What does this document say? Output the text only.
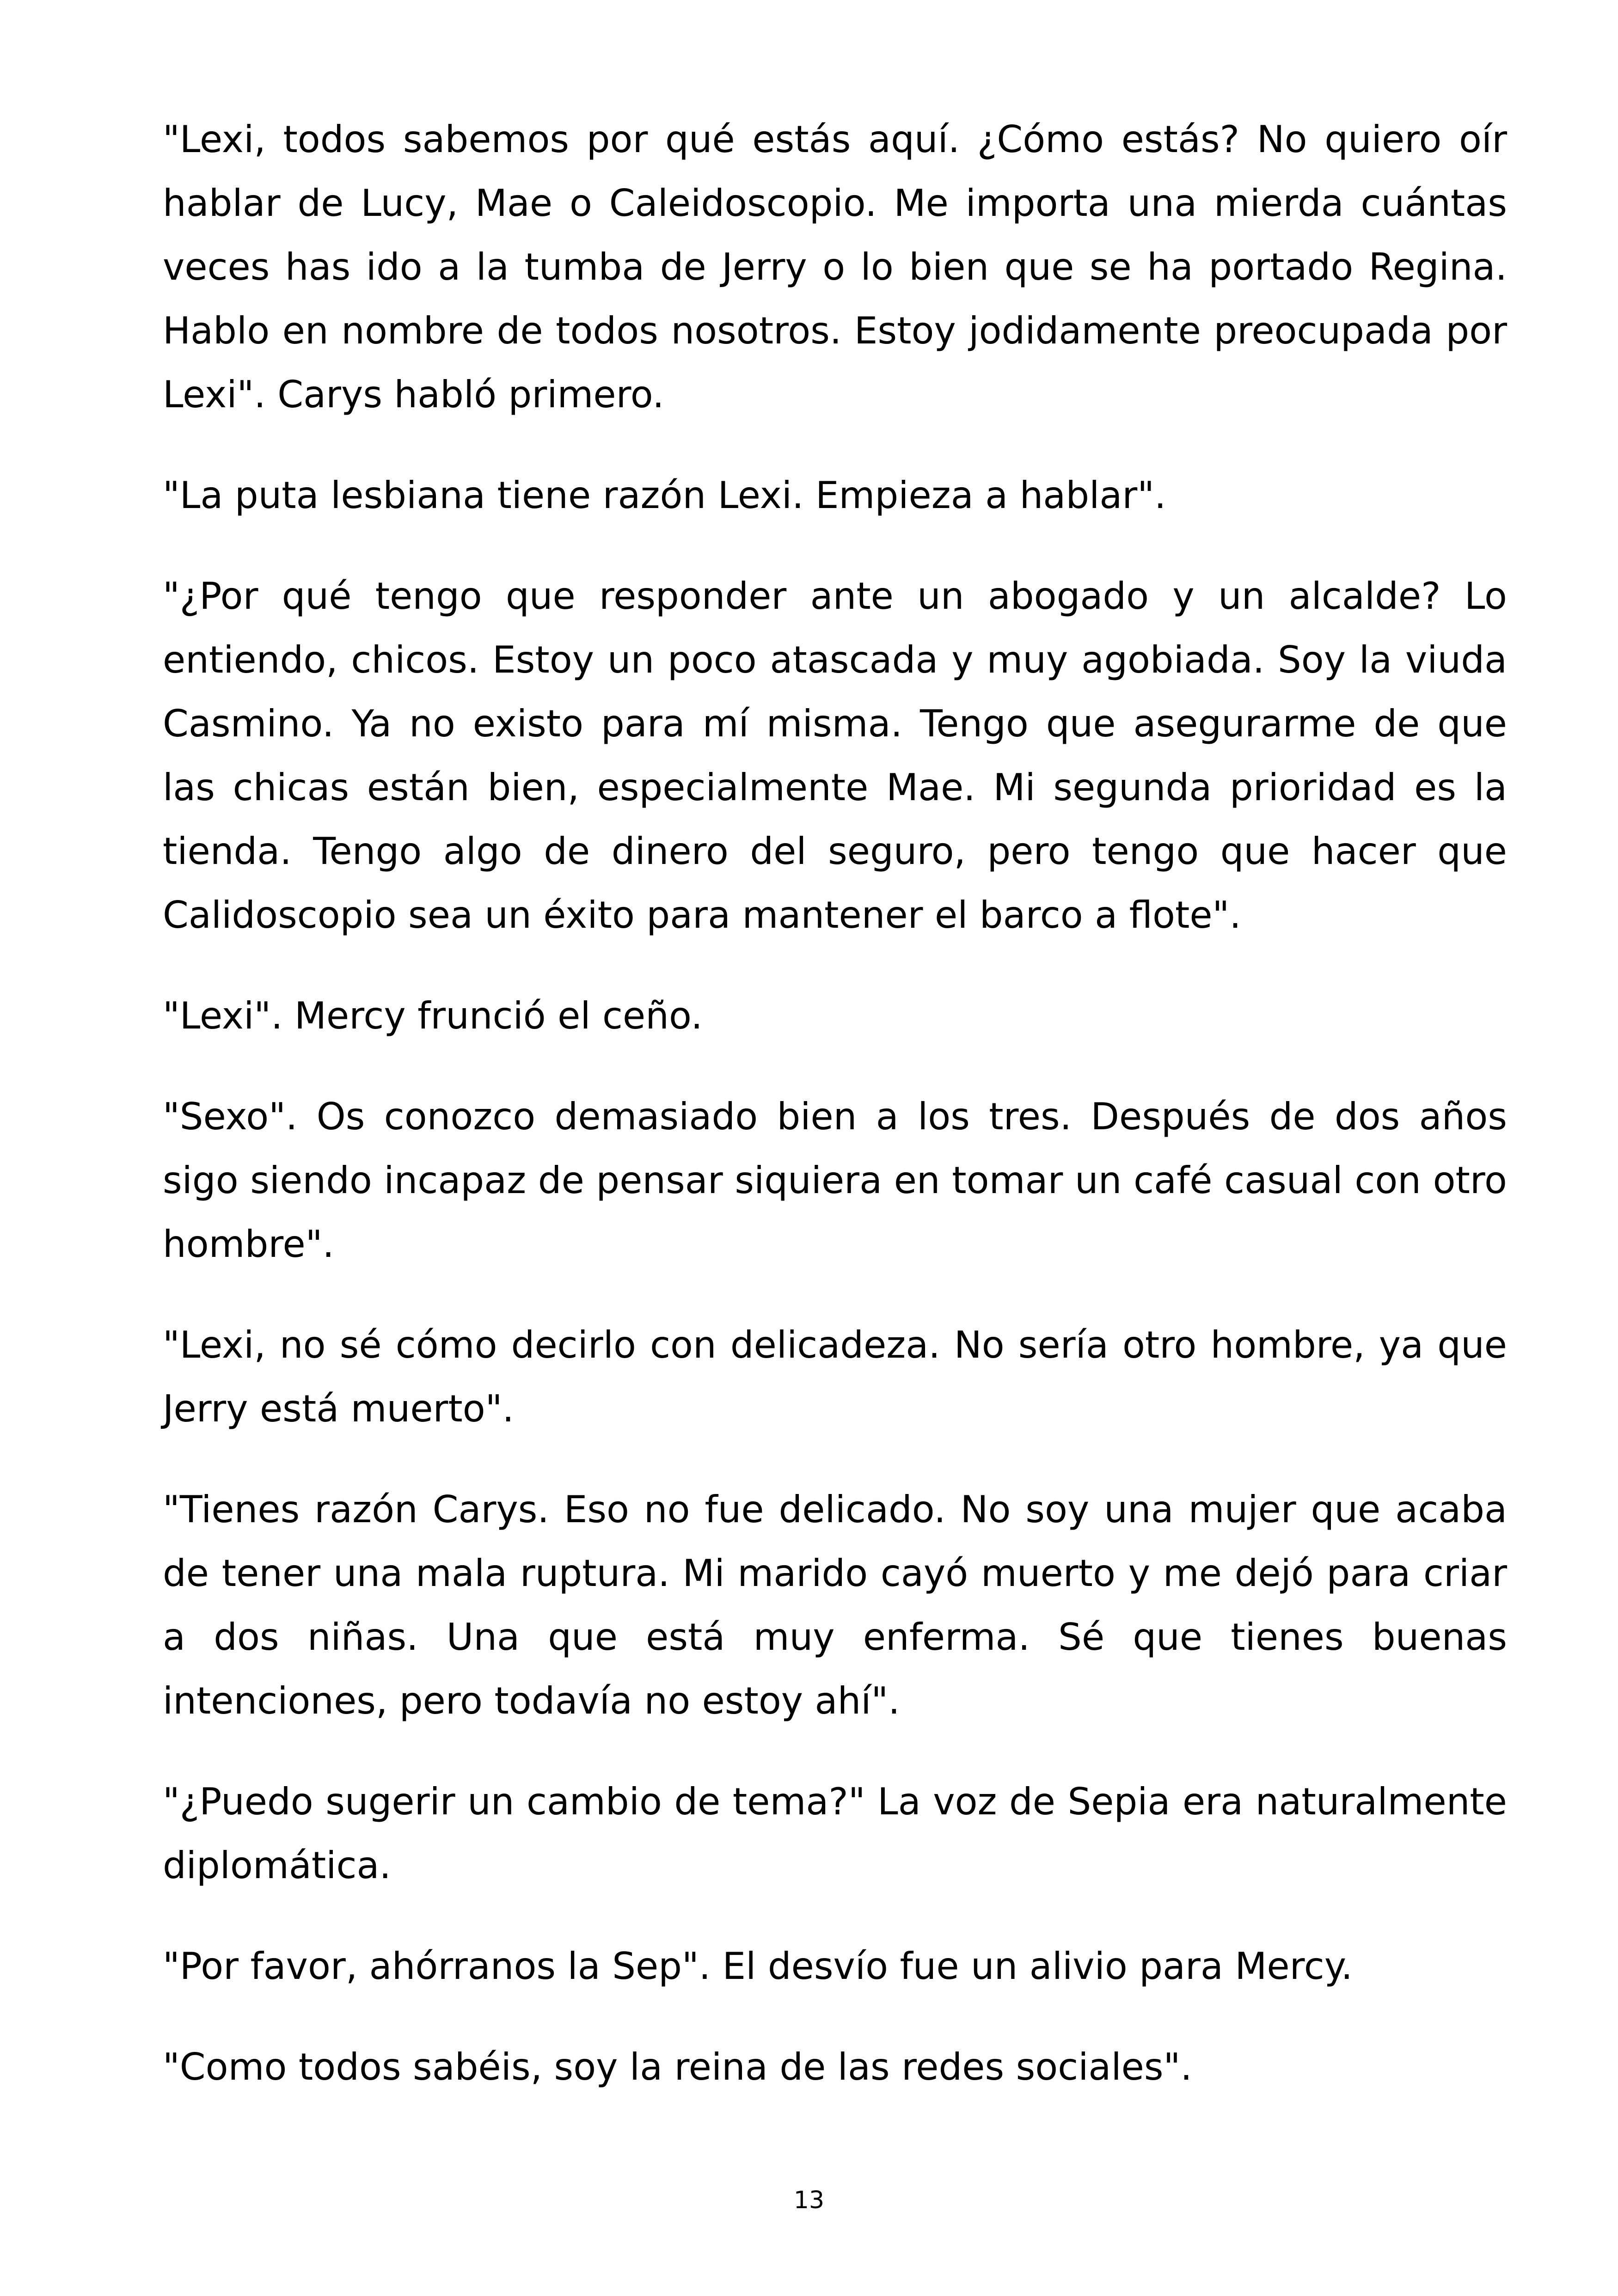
"Lexi, todos sabemos por qué estás aquí. ¿Cómo estás? No quiero oír hablar de Lucy, Mae o Caleidoscopio. Me importa una mierda cuántas veces has ido a la tumba de Jerry o lo bien que se ha portado Regina. Hablo en nombre de todos nosotros. Estoy jodidamente preocupada por Lexi". Carys habló primero.

"La puta lesbiana tiene razón Lexi. Empieza a hablar".

"¿Por qué tengo que responder ante un abogado y un alcalde? Lo entiendo, chicos. Estoy un poco atascada y muy agobiada. Soy la viuda Casmino. Ya no existo para mí misma. Tengo que asegurarme de que las chicas están bien, especialmente Mae. Mi segunda prioridad es la tienda. Tengo algo de dinero del seguro, pero tengo que hacer que Calidoscopio sea un éxito para mantener el barco a flote".

"Lexi". Mercy frunció el ceño.

"Sexo". Os conozco demasiado bien a los tres. Después de dos años sigo siendo incapaz de pensar siquiera en tomar un café casual con otro hombre".

"Lexi, no sé cómo decirlo con delicadeza. No sería otro hombre, ya que Jerry está muerto".

"Tienes razón Carys. Eso no fue delicado. No soy una mujer que acaba de tener una mala ruptura. Mi marido cayó muerto y me dejó para criar a dos niñas. Una que está muy enferma. Sé que tienes buenas intenciones, pero todavía no estoy ahí".

"¿Puedo sugerir un cambio de tema?" La voz de Sepia era naturalmente diplomática.

"Por favor, ahórranos la Sep". El desvío fue un alivio para Mercy.

"Como todos sabéis, soy la reina de las redes sociales".

13
